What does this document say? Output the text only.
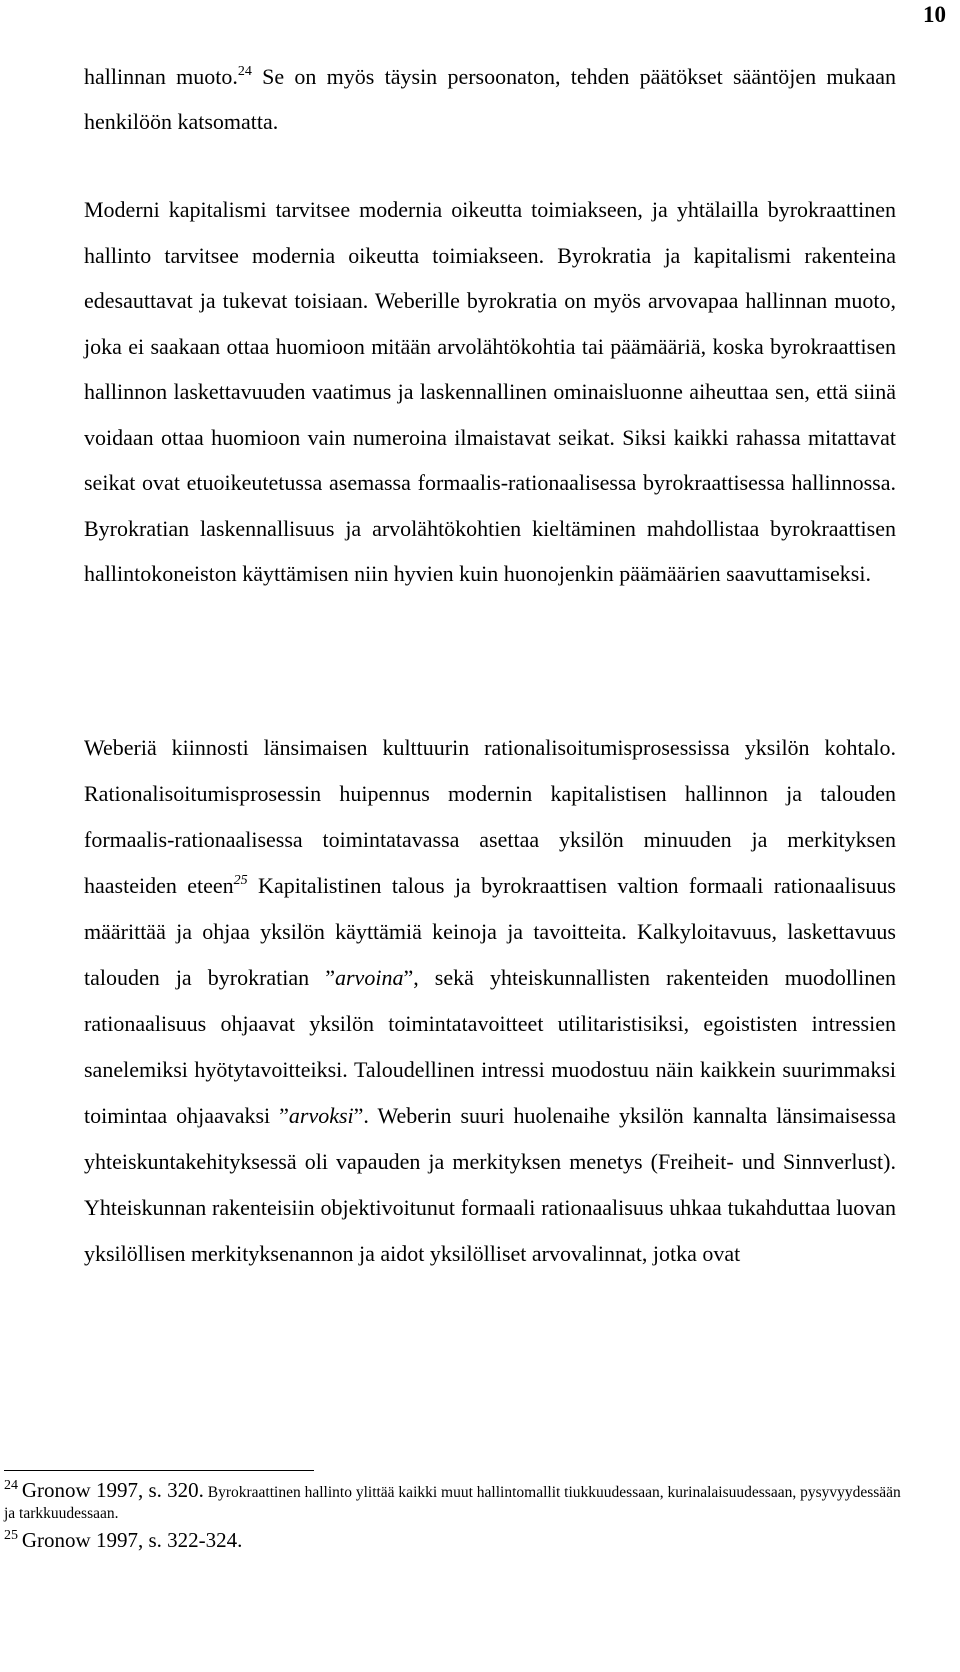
10

hallinnan muoto.$^{24}$ Se on myös täysin persoonaton, tehden päätökset sääntöjen mukaan henkilöön katsomatta.

Moderni kapitalismi tarvitsee modernia oikeutta toimiakseen, ja yhtälailla byrokraattinen hallinto tarvitsee modernia oikeutta toimiakseen. Byrokratia ja kapitalismi rakenteina edesauttavat ja tukevat toisiaan. Weberille byrokratia on myös arvovapaa hallinnan muoto, joka ei saakaan ottaa huomioon mitään arvolähtökohtia tai päämääriä, koska byrokraattisen hallinnon laskettavuuden vaatimus ja laskennallinen ominaisluonne aiheuttaa sen, että siinä voidaan ottaa huomioon vain numeroina ilmaistavat seikat. Siksi kaikki rahassa mitattavat seikat ovat etuoikeutetussa asemassa formaalis-rationaalisessa byrokraattisessa hallinnossa. Byrokratian laskennallisuus ja arvolähtökohtien kieltäminen mahdollistaa byrokraattisen hallintokoneiston käyttämisen niin hyvien kuin huonojenkin päämäärien saavuttamiseksi.

Weberiä kiinnosti länsimaisen kulttuurin rationalisoitumisprosessissa yksilön kohtalo. Rationalisoitumisprosessin huipennus modernin kapitalistisen hallinnon ja talouden formaalis-rationaalisessa toimintatavassa asettaa yksilön minuuden ja merkityksen haasteiden eteen$^{25}$ Kapitalistinen talous ja byrokraattisen valtion formaali rationaalisuus määrittää ja ohjaa yksilön käyttämiä keinoja ja tavoitteita. Kalkyloitavuus, laskettavuus talouden ja byrokratian ”arvoina”, sekä yhteiskunnallisten rakenteiden muodollinen rationaalisuus ohjaavat yksilön toimintatavoitteet utilitaristisiksi, egoististen intressien sanelemiksi hyötytavoitteiksi. Taloudellinen intressi muodostuu näin kaikkein suurimmaksi toimintaa ohjaavaksi ”arvoksi”. Weberin suuri huolenaihe yksilön kannalta länsimaisessa yhteiskuntakehityksessä oli vapauden ja merkityksen menetys (Freiheit- und Sinnverlust). Yhteiskunnan rakenteisiin objektivoitunut formaali rationaalisuus uhkaa tukahduttaa luovan yksilöllisen merkityksenannon ja aidot yksilölliset arvovalinnat, jotka ovat

$^{24}$ Gronow 1997, s. 320. Byrokraattinen hallinto ylittää kaikki muut hallintomallit tiukkuudessaan, kurinalaisuudessaan, pysyvyydessään ja tarkkuudessaan.

$^{25}$ Gronow 1997, s. 322-324.
